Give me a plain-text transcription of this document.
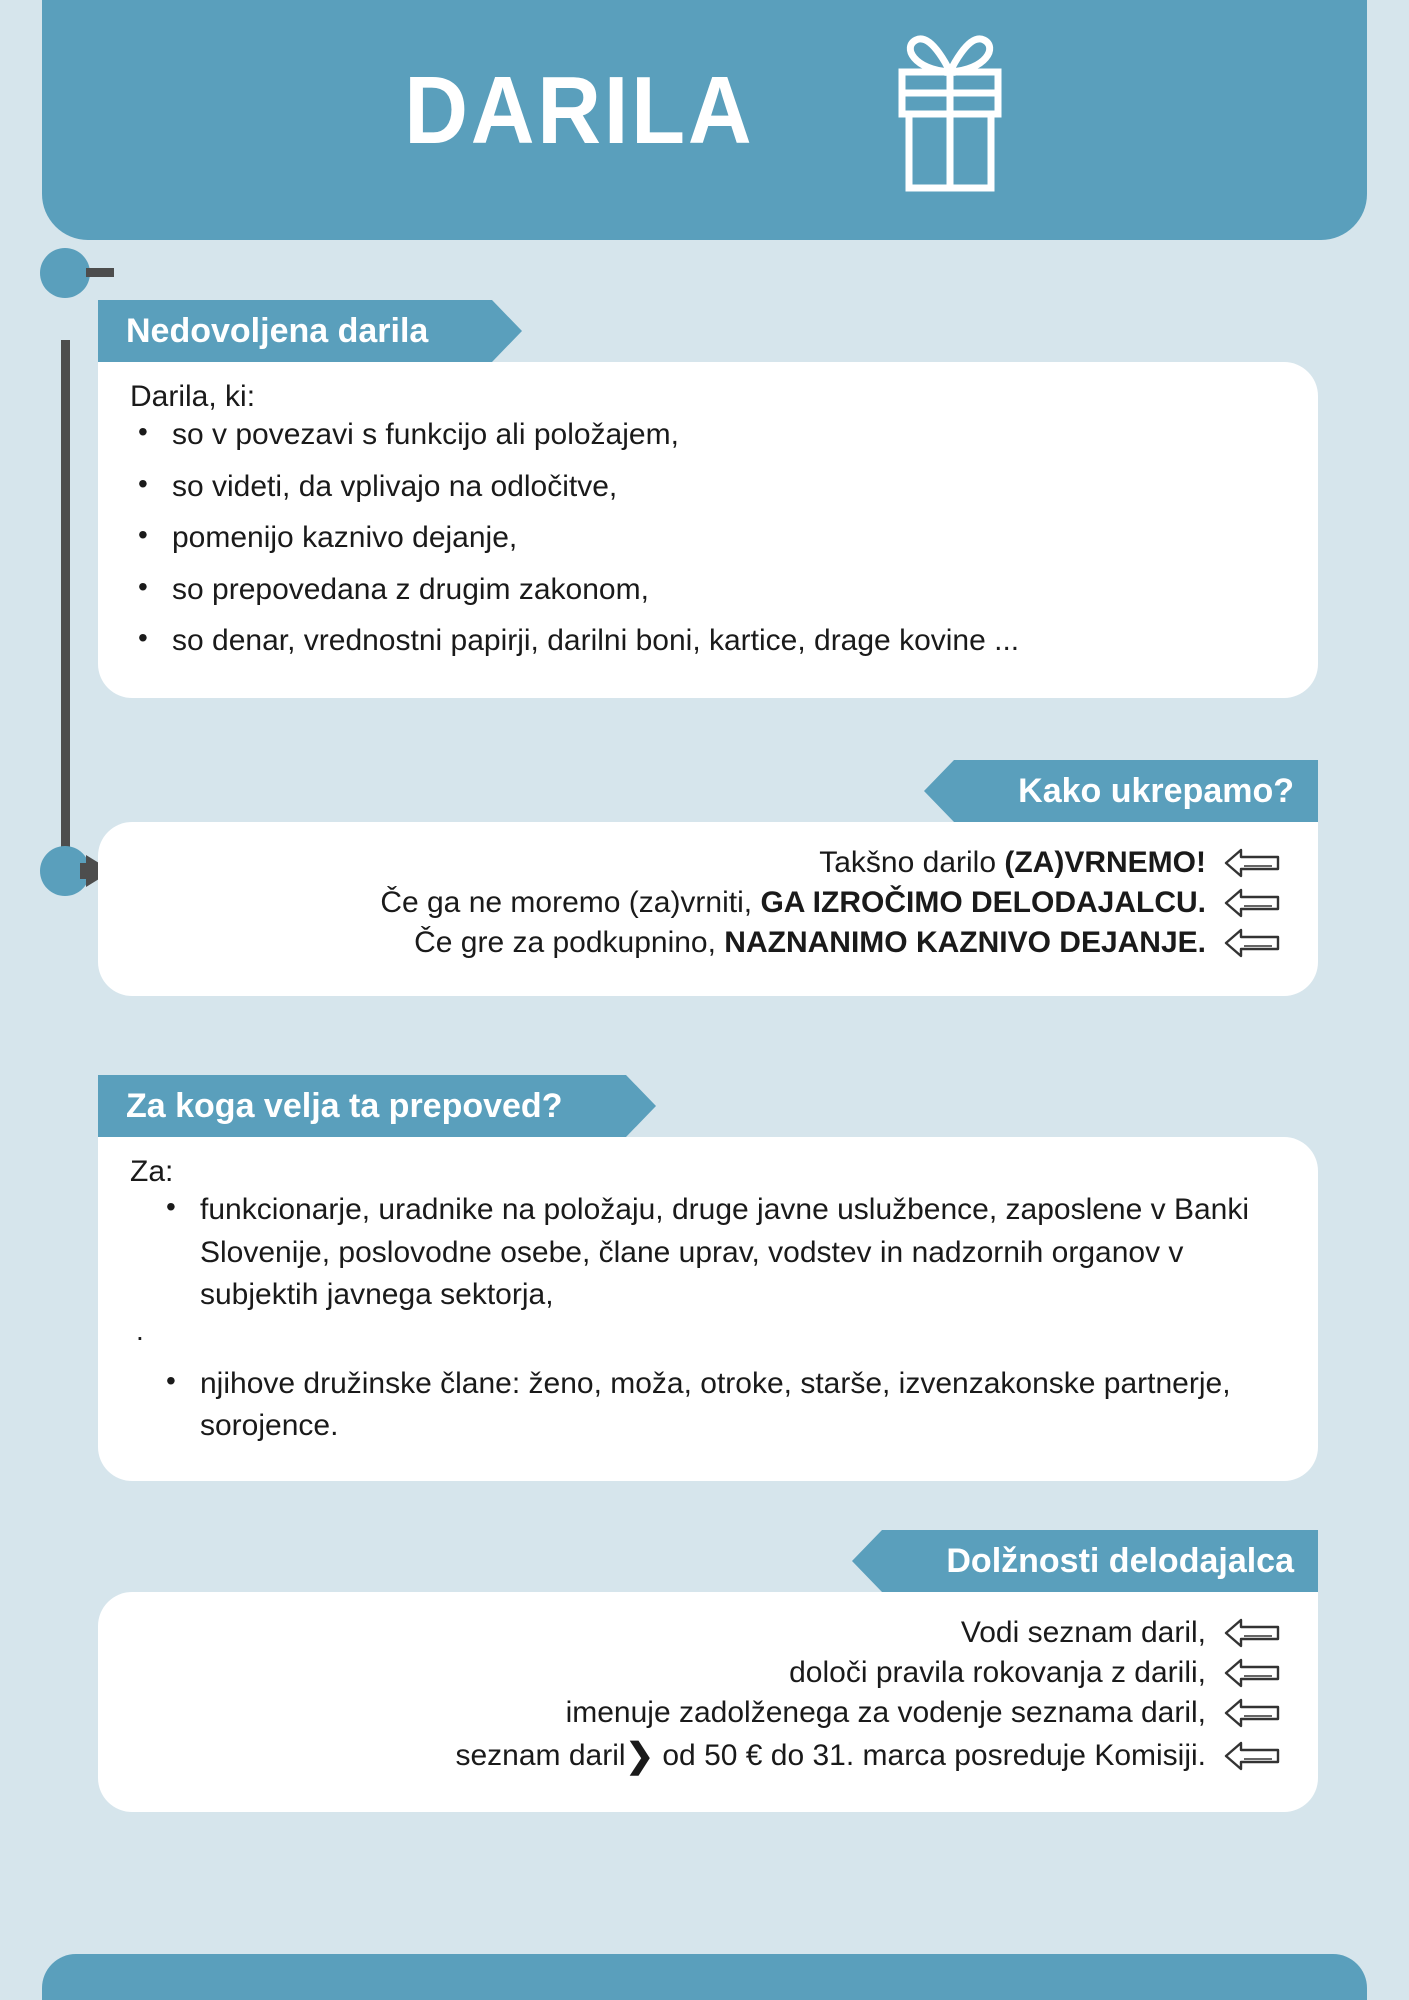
DARILA
Nedovoljena darila
Darila, ki:
• so v povezavi s funkcijo ali položajem,
• so videti, da vplivajo na odločitve,
• pomenijo kaznivo dejanje,
• so prepovedana z drugim zakonom,
• so denar, vrednostni papirji, darilni boni, kartice, drage kovine ...
Kako ukrepamo?
Takšno darilo (ZA)VRNEMO!
Če ga ne moremo (za)vrniti, GA IZROČIMO DELODAJALCU.
Če gre za podkupnino, NAZNANIMO KAZNIVO DEJANJE.
Za koga velja ta prepoved?
Za:
.
• funkcionarje, uradnike na položaju, druge javne uslužbence, zaposlene v Banki Slovenije, poslovodne osebe, člane uprav, vodstev in nadzornih organov v subjektih javnega sektorja,
• njihove družinske člane: ženo, moža, otroke, starše, izvenzakonske partnerje, sorojence.
Dolžnosti delodajalca
Vodi seznam daril,
določi pravila rokovanja z darili,
imenuje zadolženega za vodenje seznama daril,
seznam daril❯ od 50 € do 31. marca posreduje Komisiji.
